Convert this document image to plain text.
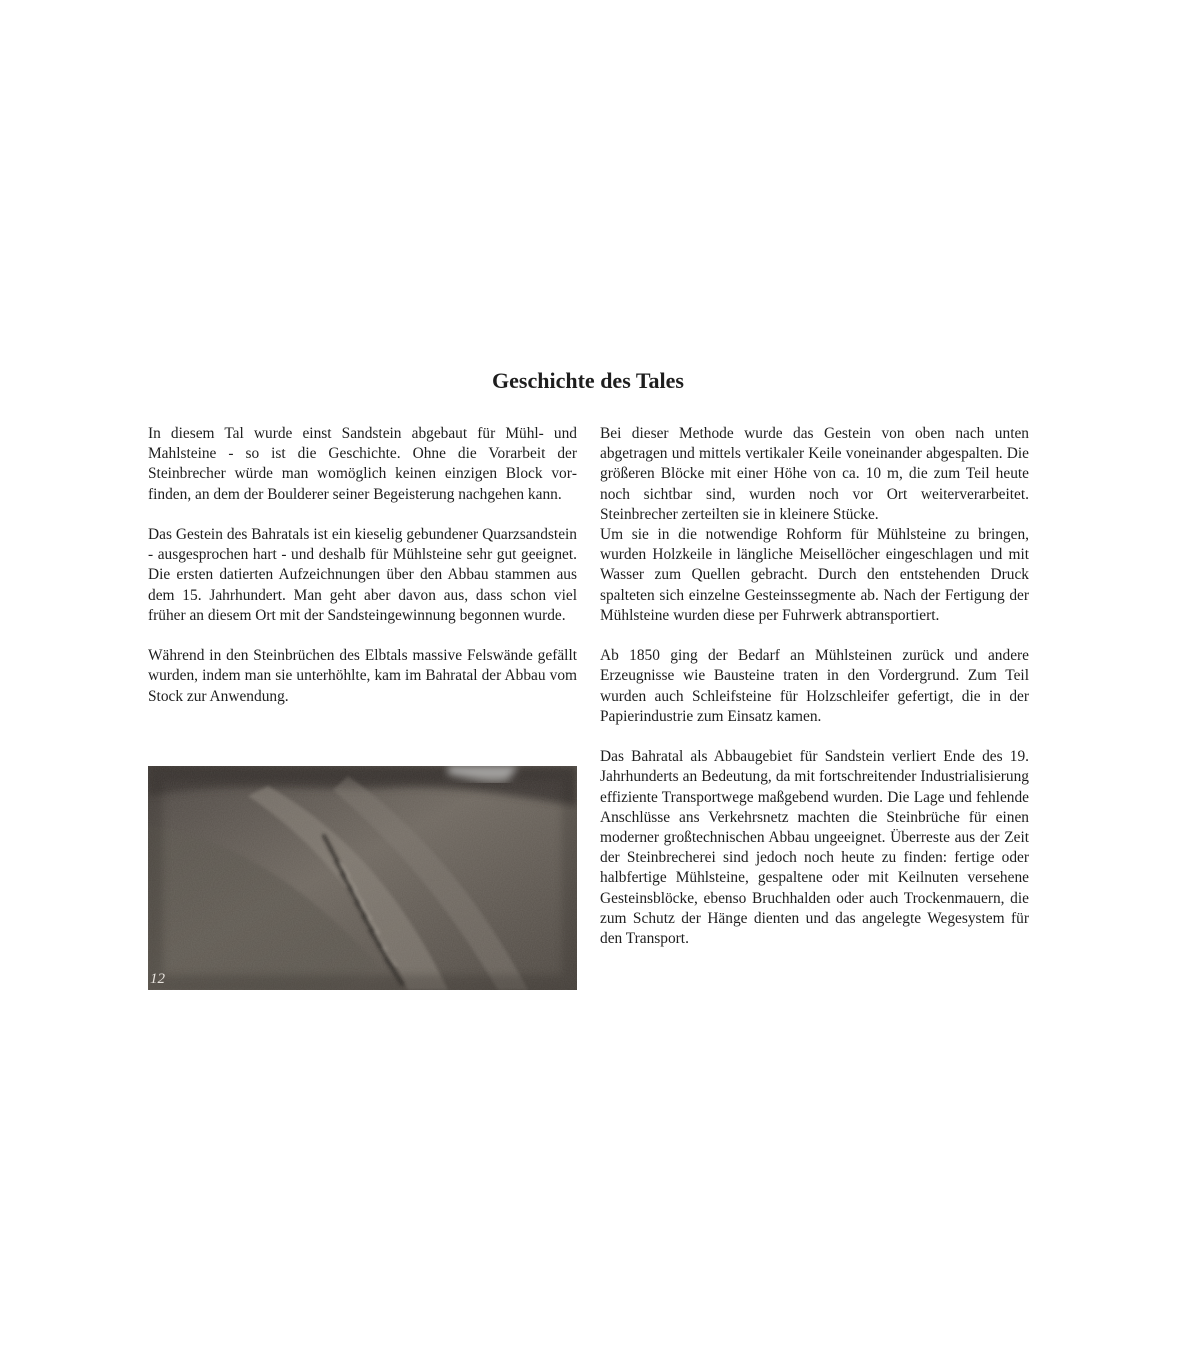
Geschichte des Tales

In diesem Tal wurde einst Sandstein abgebaut für Mühl- und Mahlsteine - so ist die Geschichte. Ohne die Vorarbeit der Steinbrecher würde man womöglich keinen einzigen Block vorfinden, an dem der Boulderer seiner Begeisterung nachgehen kann.

Das Gestein des Bahratals ist ein kieselig gebundener Quarzsandstein - ausgesprochen hart - und deshalb für Mühlsteine sehr gut geeignet. Die ersten datierten Aufzeichnungen über den Abbau stammen aus dem 15. Jahrhundert. Man geht aber davon aus, dass schon viel früher an diesem Ort mit der Sandsteingewinnung begonnen wurde.

Während in den Steinbrüchen des Elbtals massive Felswände gefällt wurden, indem man sie unterhöhlte, kam im Bahratal der Abbau vom Stock zur Anwendung.

12

Bei dieser Methode wurde das Gestein von oben nach unten abgetragen und mittels vertikaler Keile voneinander abgespalten. Die größeren Blöcke mit einer Höhe von ca. 10 m, die zum Teil heute noch sichtbar sind, wurden noch vor Ort weiterverarbeitet. Steinbrecher zerteilten sie in kleinere Stücke.

Um sie in die notwendige Rohform für Mühlsteine zu bringen, wurden Holzkeile in längliche Meisellöcher eingeschlagen und mit Wasser zum Quellen gebracht. Durch den entstehenden Druck spalteten sich einzelne Gesteinssegmente ab. Nach der Fertigung der Mühlsteine wurden diese per Fuhrwerk abtransportiert.

Ab 1850 ging der Bedarf an Mühlsteinen zurück und andere Erzeugnisse wie Bausteine traten in den Vordergrund. Zum Teil wurden auch Schleifsteine für Holzschleifer gefertigt, die in der Papierindustrie zum Einsatz kamen.

Das Bahratal als Abbaugebiet für Sandstein verliert Ende des 19. Jahrhunderts an Bedeutung, da mit fortschreitender Industrialisierung effiziente Transportwege maßgebend wurden. Die Lage und fehlende Anschlüsse ans Verkehrsnetz machten die Steinbrüche für einen moderner großtechnischen Abbau ungeeignet. Überreste aus der Zeit der Steinbrecherei sind jedoch noch heute zu finden: fertige oder halbfertige Mühlsteine, gespaltene oder mit Keilnuten versehene Gesteinsblöcke, ebenso Bruchhalden oder auch Trockenmauern, die zum Schutz der Hänge dienten und das angelegte Wegesystem für den Transport.
